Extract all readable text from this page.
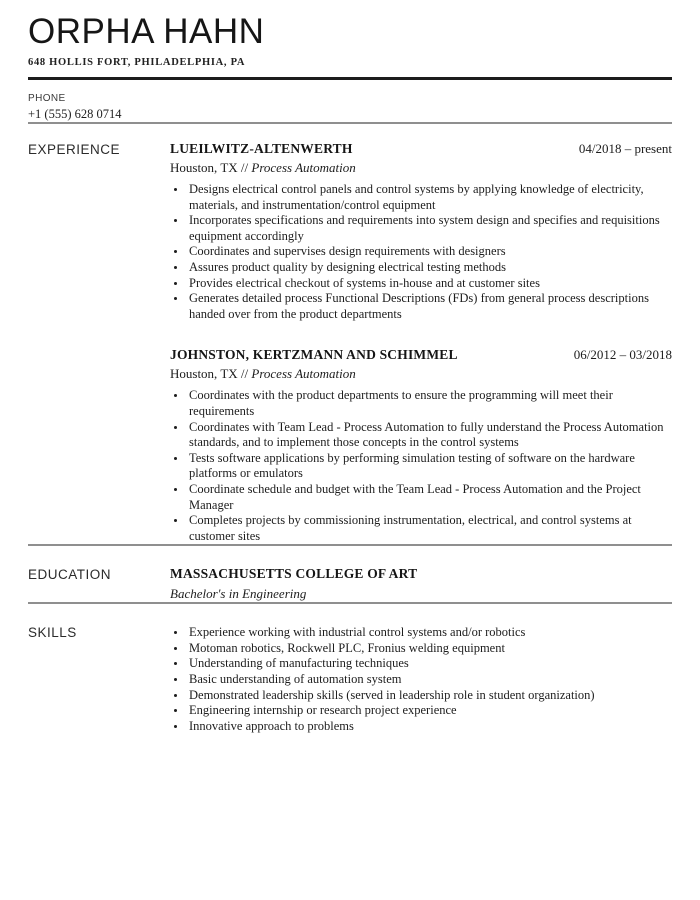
ORPHA HAHN
648 HOLLIS FORT, PHILADELPHIA, PA
PHONE
+1 (555) 628 0714
EXPERIENCE	LUEILWITZ-ALTENWERTH	04/2018 – present
Houston, TX // Process Automation
• Designs electrical control panels and control systems by applying knowledge of electricity, materials, and instrumentation/control equipment
• Incorporates specifications and requirements into system design and specifies and requisitions equipment accordingly
• Coordinates and supervises design requirements with designers
• Assures product quality by designing electrical testing methods
• Provides electrical checkout of systems in-house and at customer sites
• Generates detailed process Functional Descriptions (FDs) from general process descriptions handed over from the product departments
JOHNSTON, KERTZMANN AND SCHIMMEL	06/2012 – 03/2018
Houston, TX // Process Automation
• Coordinates with the product departments to ensure the programming will meet their requirements
• Coordinates with Team Lead - Process Automation to fully understand the Process Automation standards, and to implement those concepts in the control systems
• Tests software applications by performing simulation testing of software on the hardware platforms or emulators
• Coordinate schedule and budget with the Team Lead - Process Automation and the Project Manager
• Completes projects by commissioning instrumentation, electrical, and control systems at customer sites
EDUCATION	MASSACHUSETTS COLLEGE OF ART
Bachelor's in Engineering
SKILLS	• Experience working with industrial control systems and/or robotics
• Motoman robotics, Rockwell PLC, Fronius welding equipment
• Understanding of manufacturing techniques
• Basic understanding of automation system
• Demonstrated leadership skills (served in leadership role in student organization)
• Engineering internship or research project experience
• Innovative approach to problems
